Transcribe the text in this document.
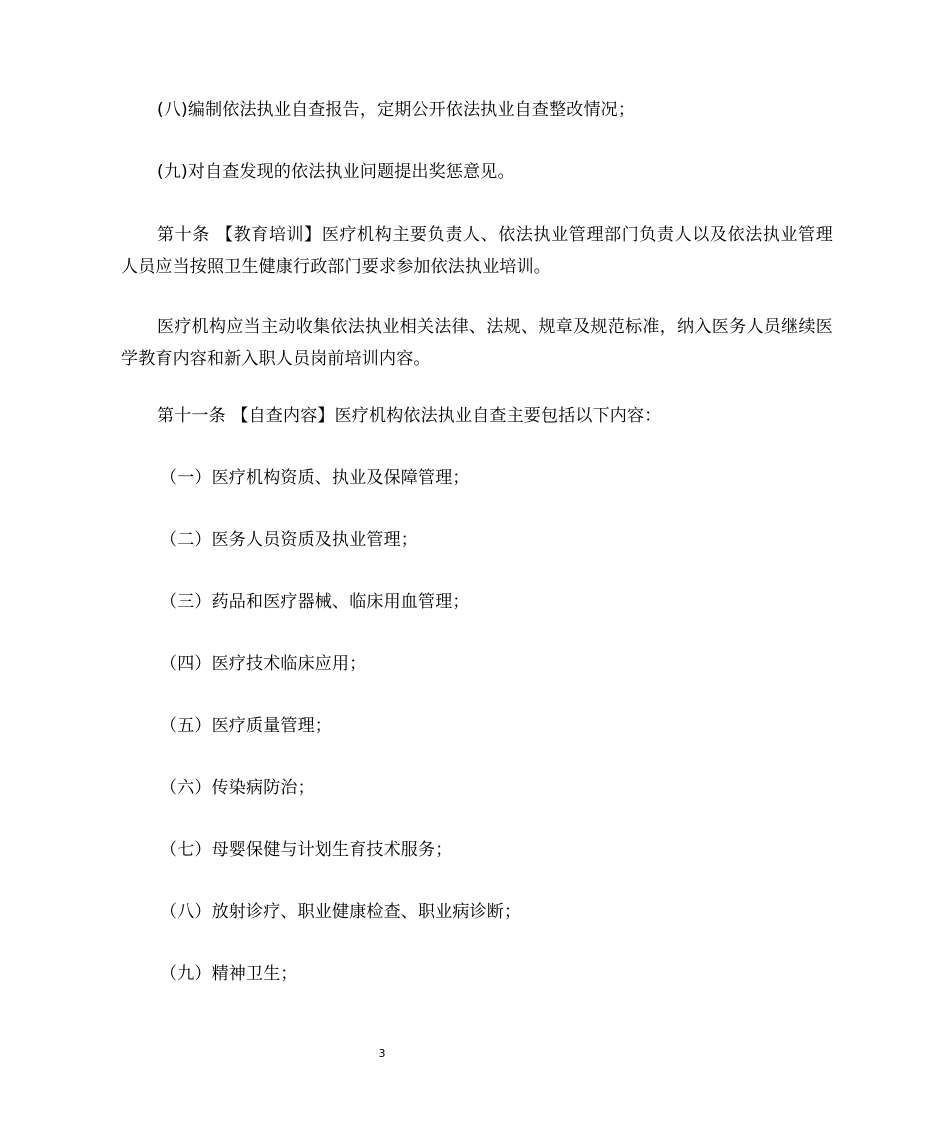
(八)编制依法执业自查报告，定期公开依法执业自查整改情况；
(九)对自查发现的依法执业问题提出奖惩意见。
第十条 【教育培训】医疗机构主要负责人、依法执业管理部门负责人以及依法执业管理人员应当按照卫生健康行政部门要求参加依法执业培训。
医疗机构应当主动收集依法执业相关法律、法规、规章及规范标准，纳入医务人员继续医学教育内容和新入职人员岗前培训内容。
第十一条 【自查内容】医疗机构依法执业自查主要包括以下内容：
（一）医疗机构资质、执业及保障管理；
（二）医务人员资质及执业管理；
（三）药品和医疗器械、临床用血管理；
（四）医疗技术临床应用；
（五）医疗质量管理；
（六）传染病防治；
（七）母婴保健与计划生育技术服务；
（八）放射诊疗、职业健康检查、职业病诊断；
（九）精神卫生；
3
